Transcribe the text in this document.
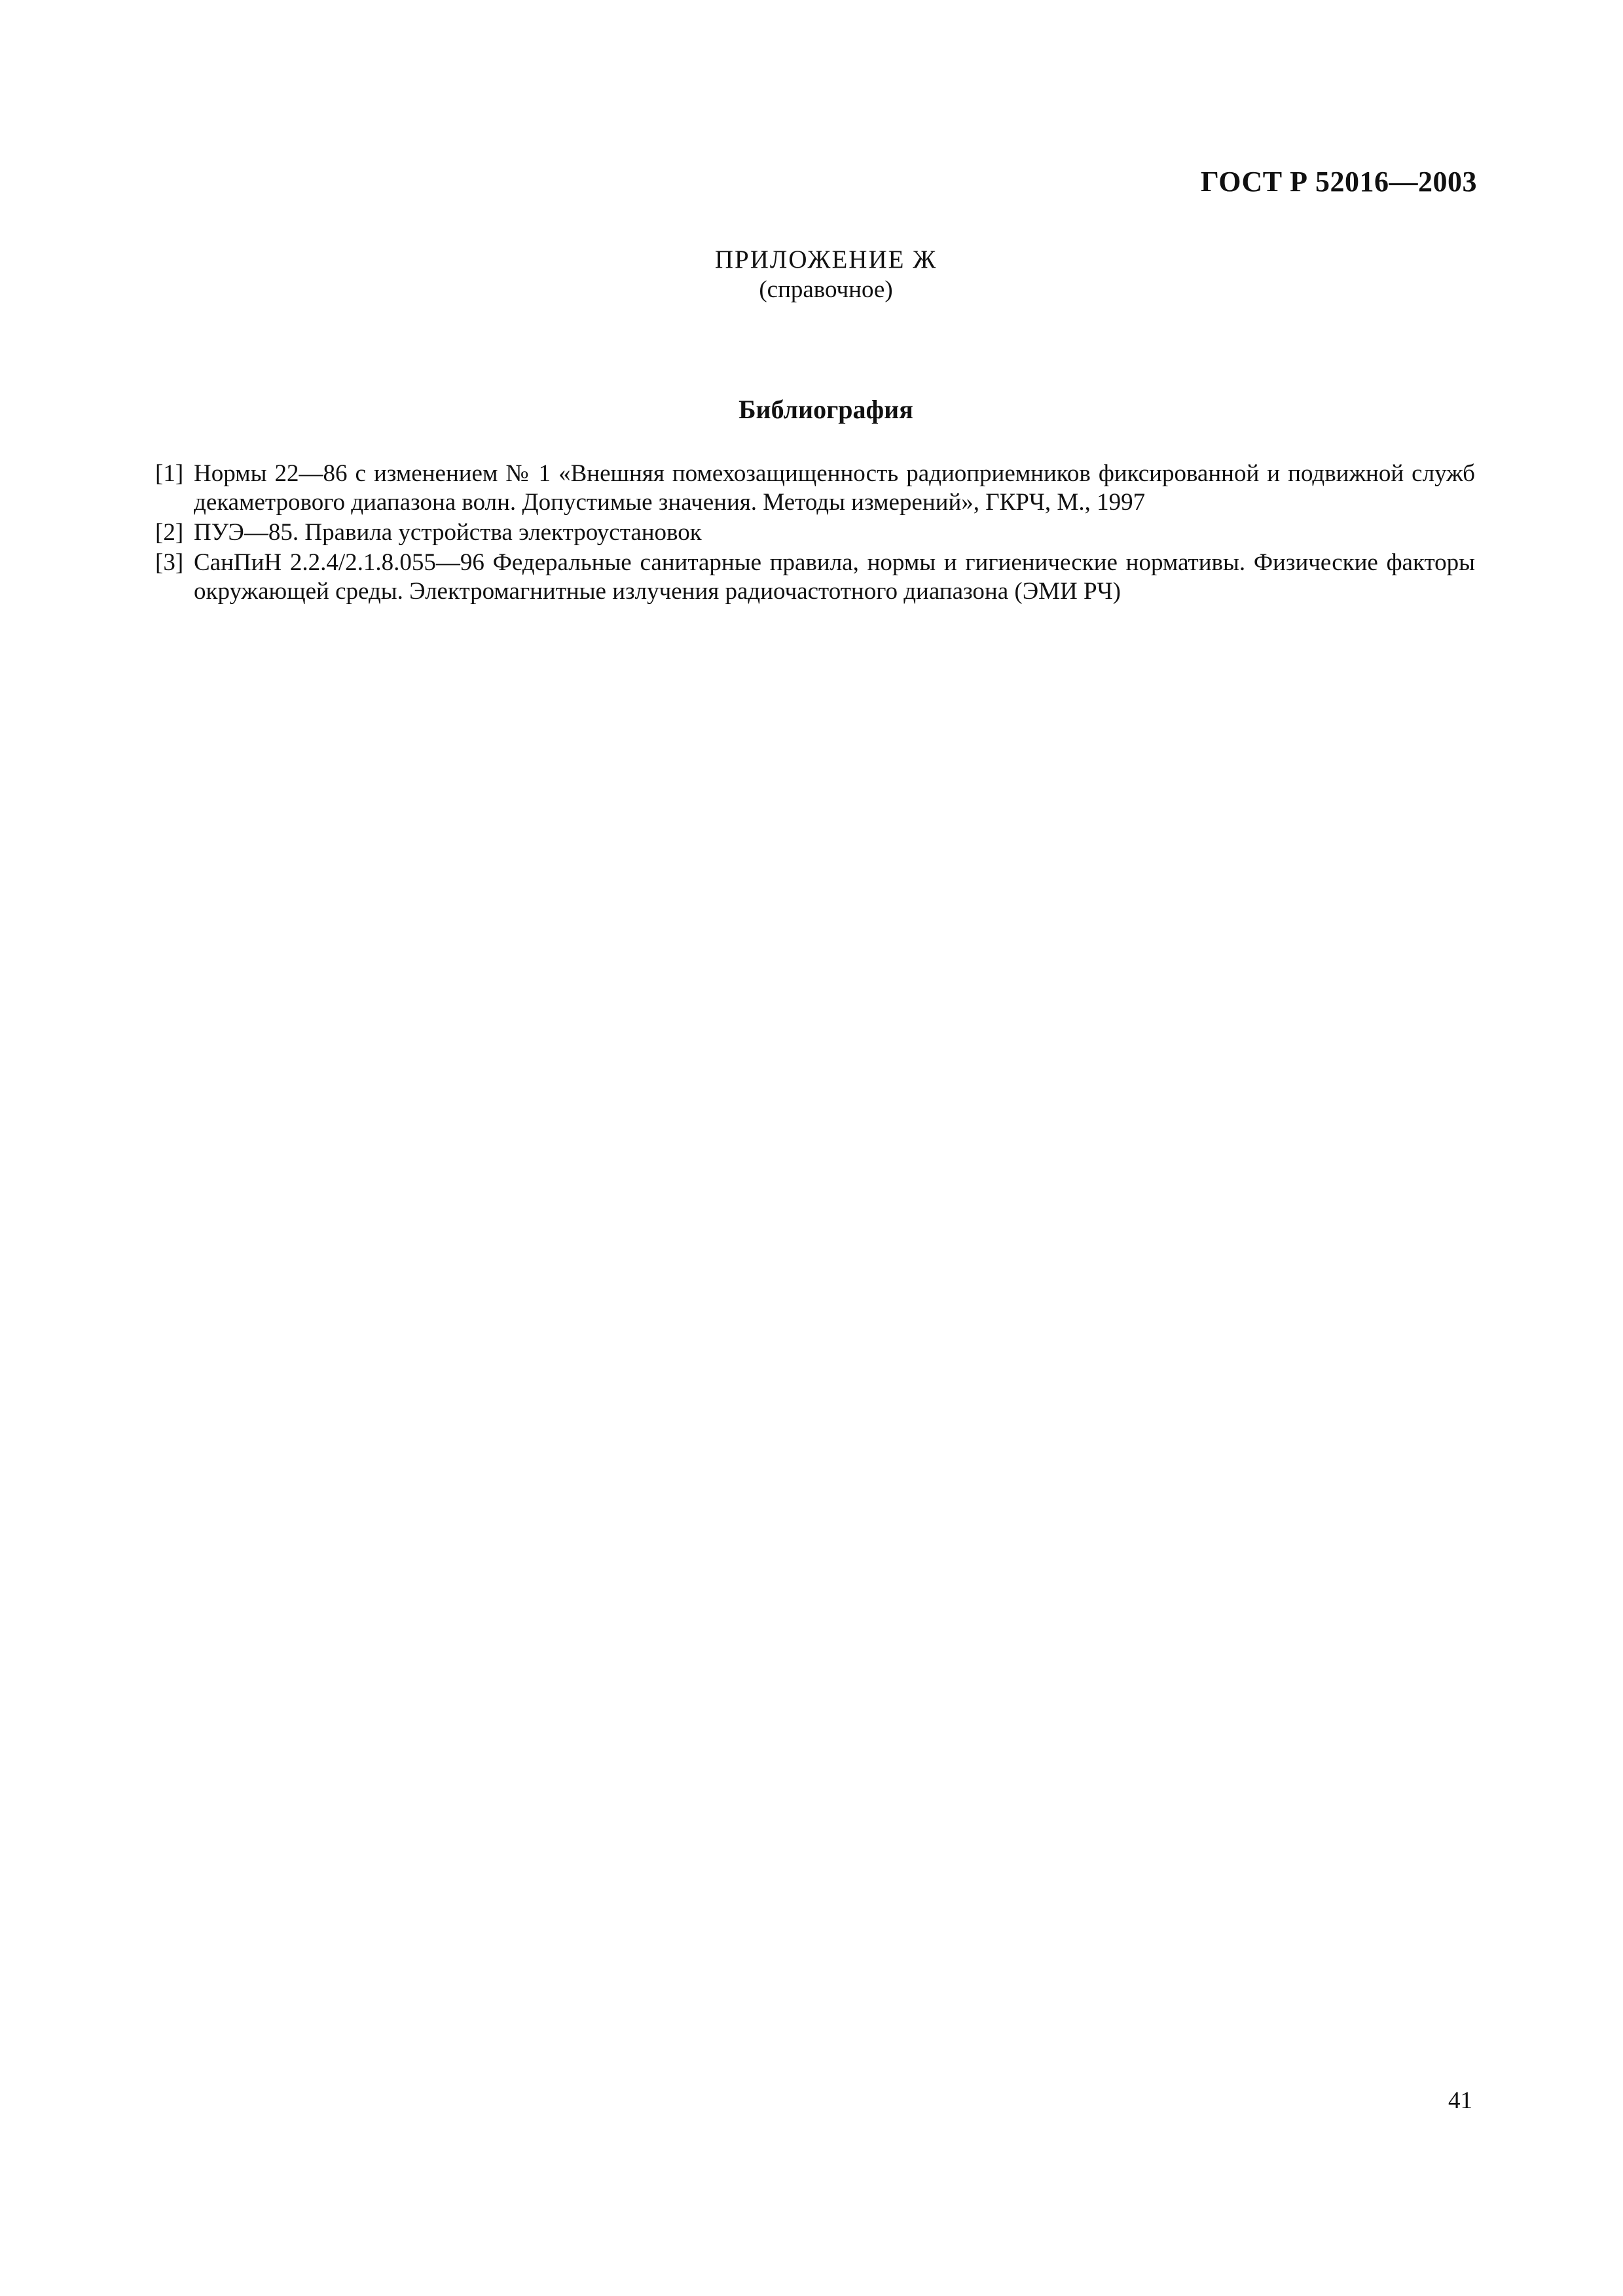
ГОСТ Р 52016—2003
ПРИЛОЖЕНИЕ Ж
(справочное)
Библиография
[1] Нормы 22—86 с изменением № 1 «Внешняя помехозащищенность радиоприемников фиксированной и подвижной служб декаметрового диапазона волн. Допустимые значения. Методы измерений», ГКРЧ, М., 1997
[2] ПУЭ—85. Правила устройства электроустановок
[3] СанПиН 2.2.4/2.1.8.055—96 Федеральные санитарные правила, нормы и гигиенические нормативы. Физические факторы окружающей среды. Электромагнитные излучения радиочастотного диапазона (ЭМИ РЧ)
41
